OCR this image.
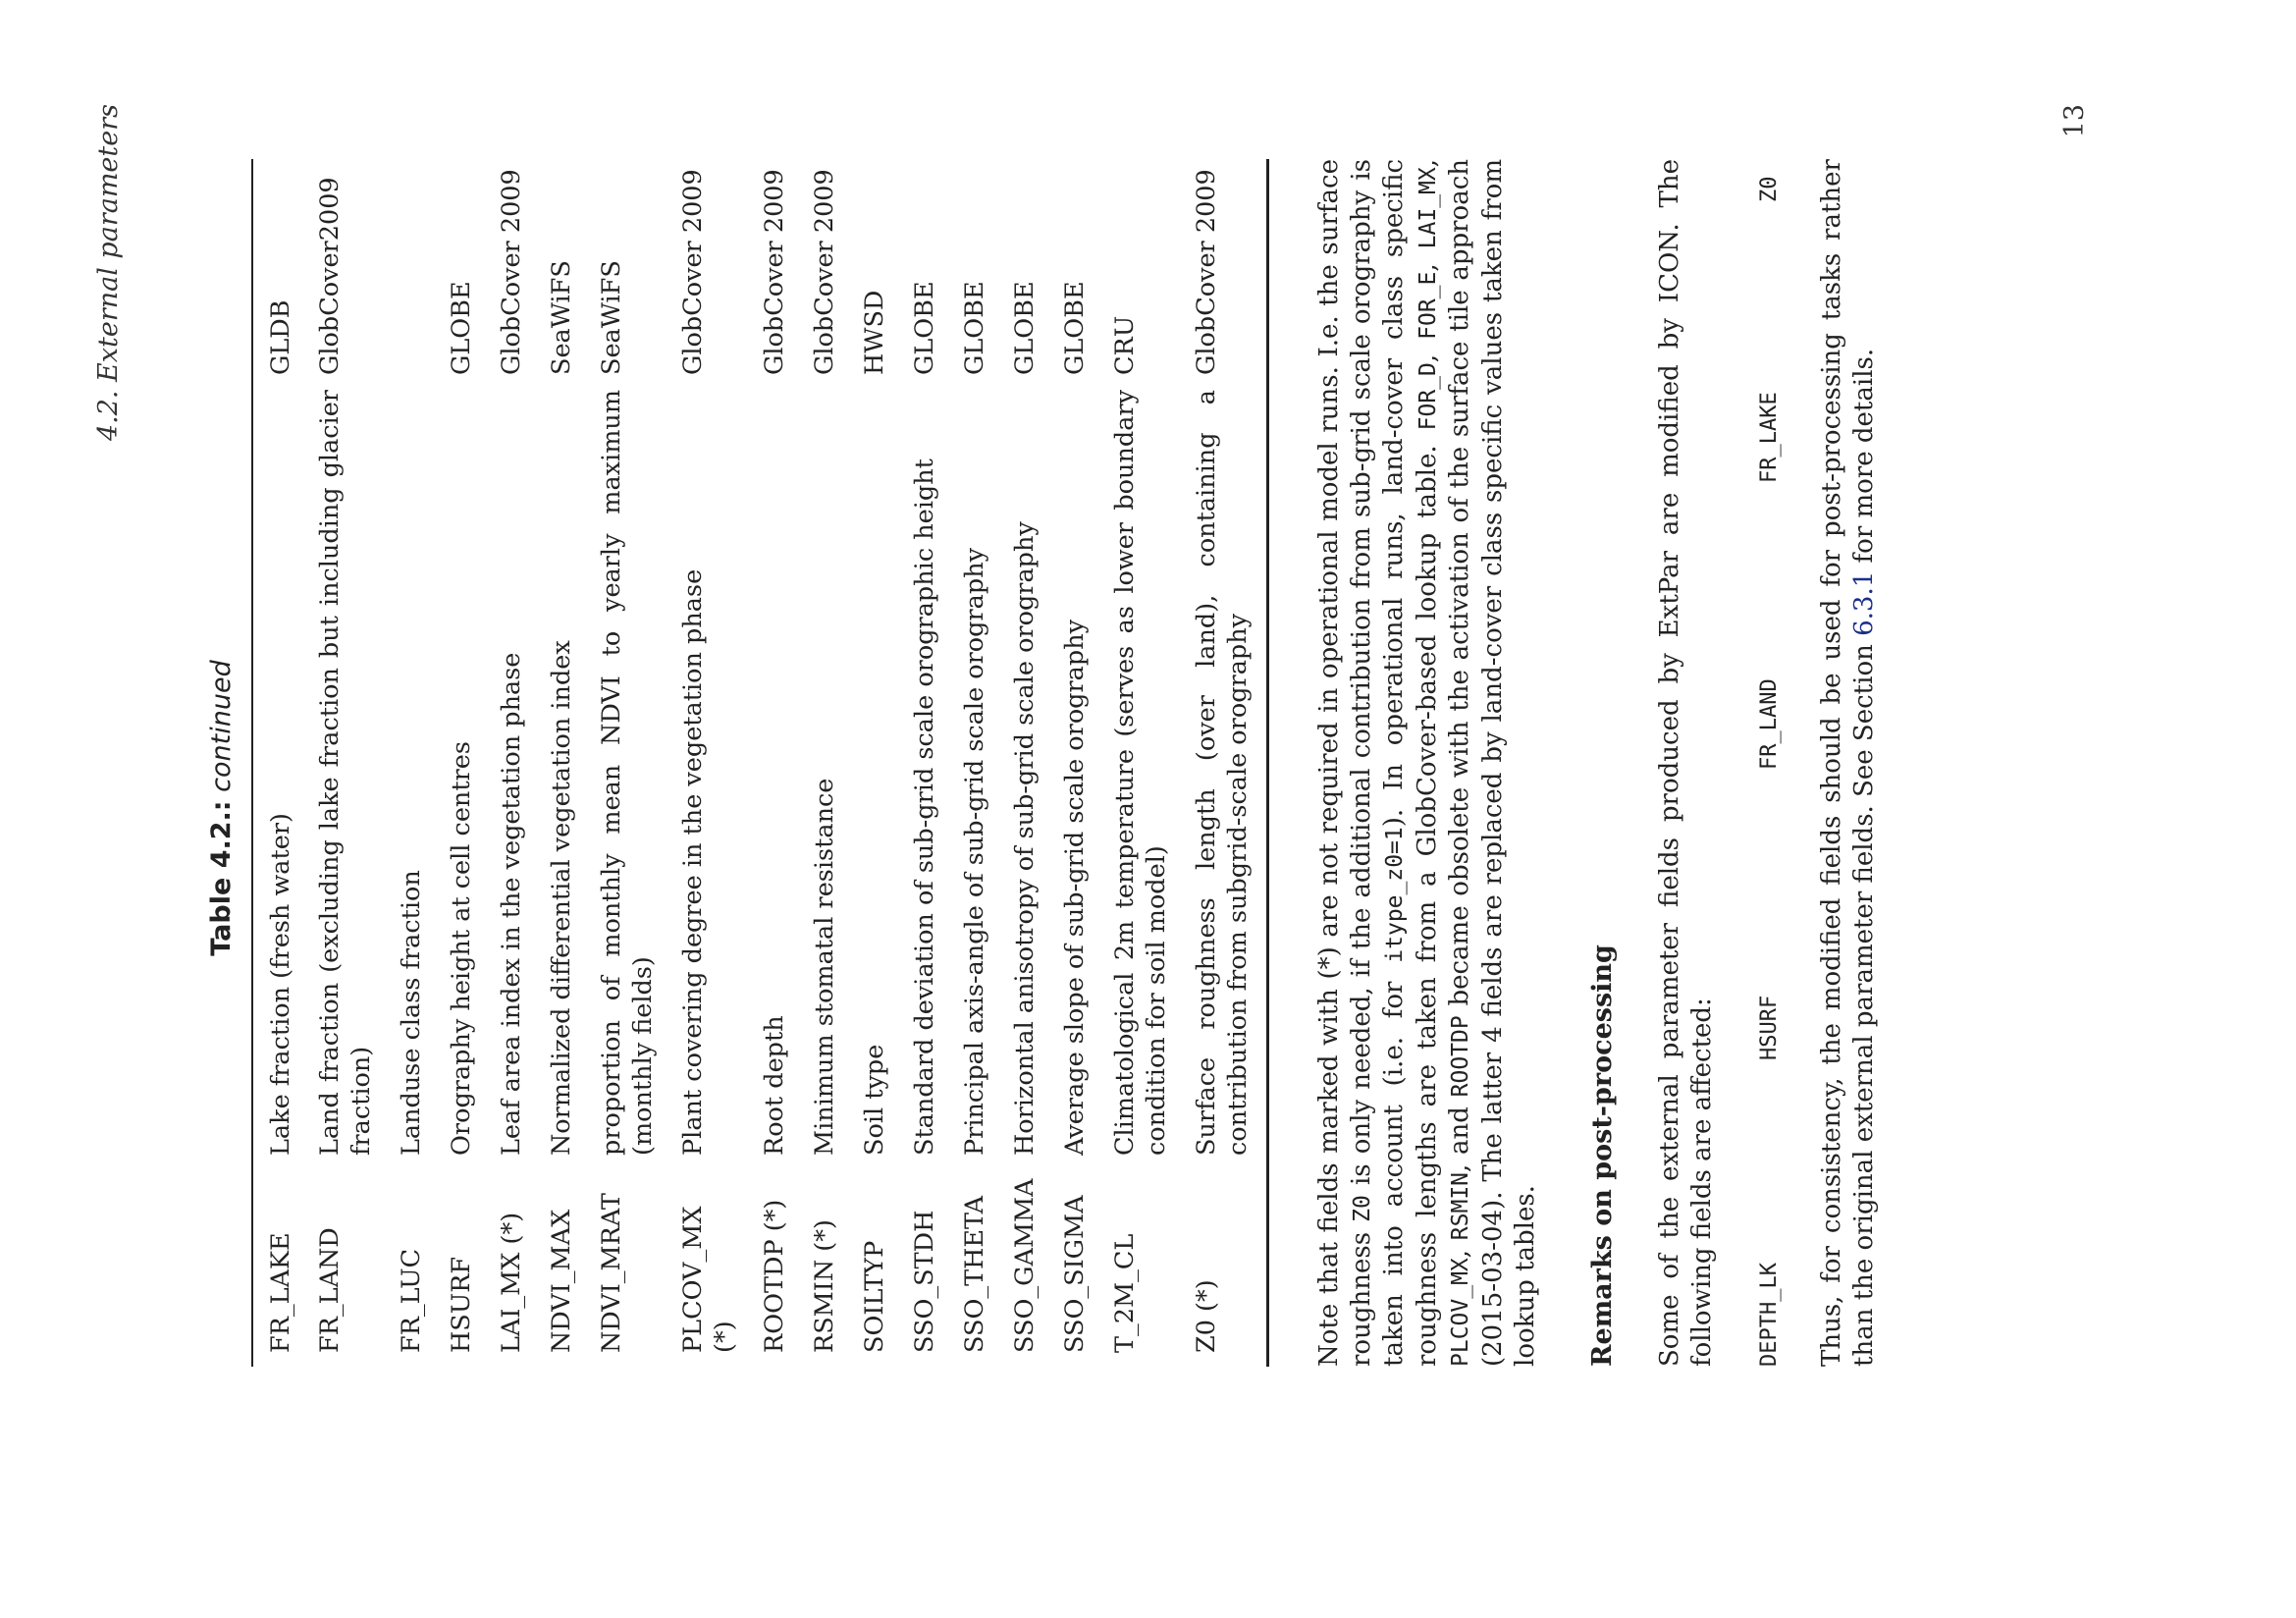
4.2. External parameters
Table 4.2.: continued
FR_LAKE
Lake fraction (fresh water)
GLDB
FR_LAND
Land fraction (excluding lake fraction but including glacier fraction)
GlobCover2009
FR_LUC
Landuse class fraction
HSURF
Orography height at cell centres
GLOBE
LAI_MX (*)
Leaf area index in the vegetation phase
GlobCover 2009
NDVI_MAX
Normalized differential vegetation index
SeaWiFS
NDVI_MRAT
proportion of monthly mean NDVI to yearly maximum (monthly fields)
SeaWiFS
PLCOV_MX (*)
Plant covering degree in the vegetation phase
GlobCover 2009
ROOTDP (*)
Root depth
GlobCover 2009
RSMIN (*)
Minimum stomatal resistance
GlobCover 2009
SOILTYP
Soil type
HWSD
SSO_STDH
Standard deviation of sub-grid scale orographic height
GLOBE
SSO_THETA
Principal axis-angle of sub-grid scale orography
GLOBE
SSO_GAMMA
Horizontal anisotropy of sub-grid scale orography
GLOBE
SSO_SIGMA
Average slope of sub-grid scale orography
GLOBE
T_2M_CL
Climatological 2m temperature (serves as lower boundary condition for soil model)
CRU
Z0 (*)
Surface roughness length (over land), containing a contribution from subgrid-scale orography
GlobCover 2009	Note that fields marked with (*) are not required in operational model runs. I.e. the surface roughness Z0 is only needed, if the additional contribution from sub-grid scale orography is taken into account (i.e. for itype_z0=1). In operational runs, land-cover class specific roughness lengths are taken from a GlobCover-based lookup table. FOR_D, FOR_E, LAI_MX, PLCOV_MX, RSMIN, and ROOTDP became obsolete with the activation of the surface tile approach (2015-03-04). The latter 4 fields are replaced by land-cover class specific values taken from lookup tables. Remarks on post-processing Some of the external parameter fields produced by ExtPar are modified by ICON. The following fields are affected: DEPTH_LK
HSURF
FR_LAND
FR_LAKE
Z0 Thus, for consistency, the modified fields should be used for post-processing tasks rather than the original external parameter fields. See Section 6.3.1 for more details.
13
